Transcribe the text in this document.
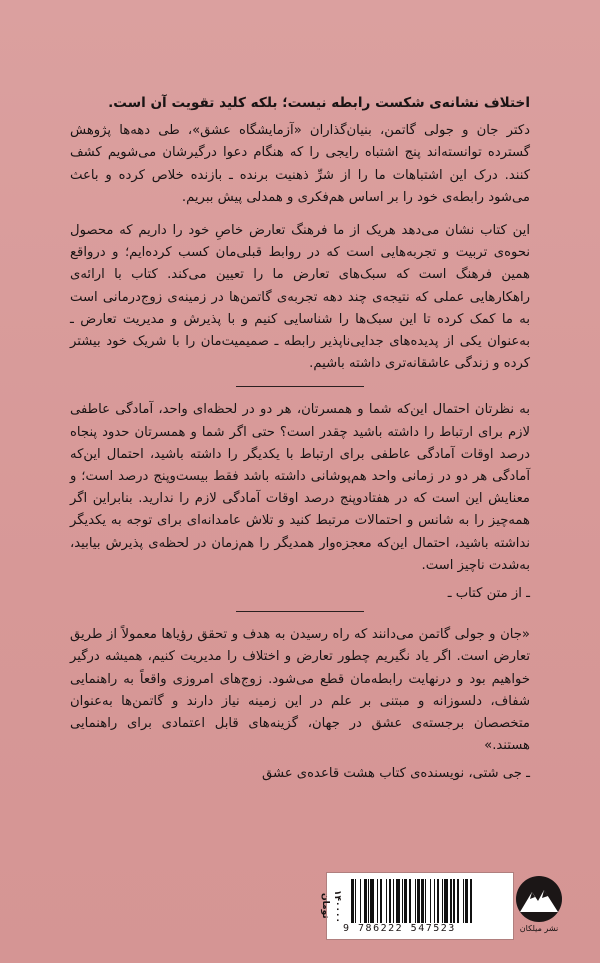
اختلاف نشانه‌ی شکست رابطه نیست؛ بلکه کلید تقویت آن است.

دکتر جان و جولی گاتمن، بنیان‌گذاران «آزمایشگاه عشق»، طی دهه‌ها پژوهش گسترده توانسته‌اند پنج اشتباه رایجی را که هنگام دعوا درگیرشان می‌شویم کشف کنند. درک این اشتباهات ما را از شرِّ ذهنیت برنده ـ بازنده خلاص کرده و باعث می‌شود رابطه‌ی خود را بر اساس هم‌فکری و همدلی پیش ببریم.

این کتاب نشان می‌دهد هریک از ما فرهنگ تعارض خاصِ خود را داریم که محصول نحوه‌ی تربیت و تجربه‌هایی است که در روابط قبلی‌مان کسب کرده‌ایم؛ و درواقع همین فرهنگ است که سبک‌های تعارض ما را تعیین می‌کند. کتاب با ارائه‌ی راهکارهایی عملی که نتیجه‌ی چند دهه تجربه‌ی گاتمن‌ها در زمینه‌ی زوج‌درمانی است به ما کمک کرده تا این سبک‌ها را شناسایی کنیم و با پذیرش و مدیریت تعارض ـ به‌عنوان یکی از پدیده‌های جدایی‌ناپذیر رابطه ـ صمیمیت‌مان را با شریک خود بیشتر کرده و زندگی عاشقانه‌تری داشته باشیم.

به نظرتان احتمال این‌که شما و همسرتان، هر دو در لحظه‌ای واحد، آمادگی عاطفی لازم برای ارتباط را داشته باشید چقدر است؟ حتی اگر شما و همسرتان حدود پنجاه درصد اوقات آمادگی عاطفی برای ارتباط با یکدیگر را داشته باشید، احتمال این‌که آمادگی هر دو در زمانی واحد هم‌پوشانی داشته باشد فقط بیست‌وپنج درصد است؛ و معنایش این است که در هفتادوپنج درصد اوقات آمادگی لازم را ندارید. بنابراین اگر همه‌چیز را به شانس و احتمالات مرتبط کنید و تلاش عامدانه‌ای برای توجه به یکدیگر نداشته باشید، احتمال این‌که معجزه‌وار همدیگر را هم‌زمان در لحظه‌ی پذیرش بیابید، به‌شدت ناچیز است.

ـ از متن کتاب ـ

«جان و جولی گاتمن می‌دانند که راه رسیدن به هدف و تحقق رؤیاها معمولاً از طریق تعارض است. اگر یاد نگیریم چطور تعارض و اختلاف را مدیریت کنیم، همیشه درگیر خواهیم بود و درنهایت رابطه‌مان قطع می‌شود. زوج‌های امروزی واقعاً به راهنمایی شفاف، دلسوزانه و مبتنی بر علم در این زمینه نیاز دارند و گاتمن‌ها به‌عنوان متخصصان برجسته‌ی عشق در جهان، گزینه‌های قابل اعتمادی برای راهنمایی هستند.»

ـ جی شتی، نویسنده‌ی کتاب هشت قاعده‌ی عشق

۱۴۰۰۰۰ تومان
9 786222 547523	نشر میلکان
